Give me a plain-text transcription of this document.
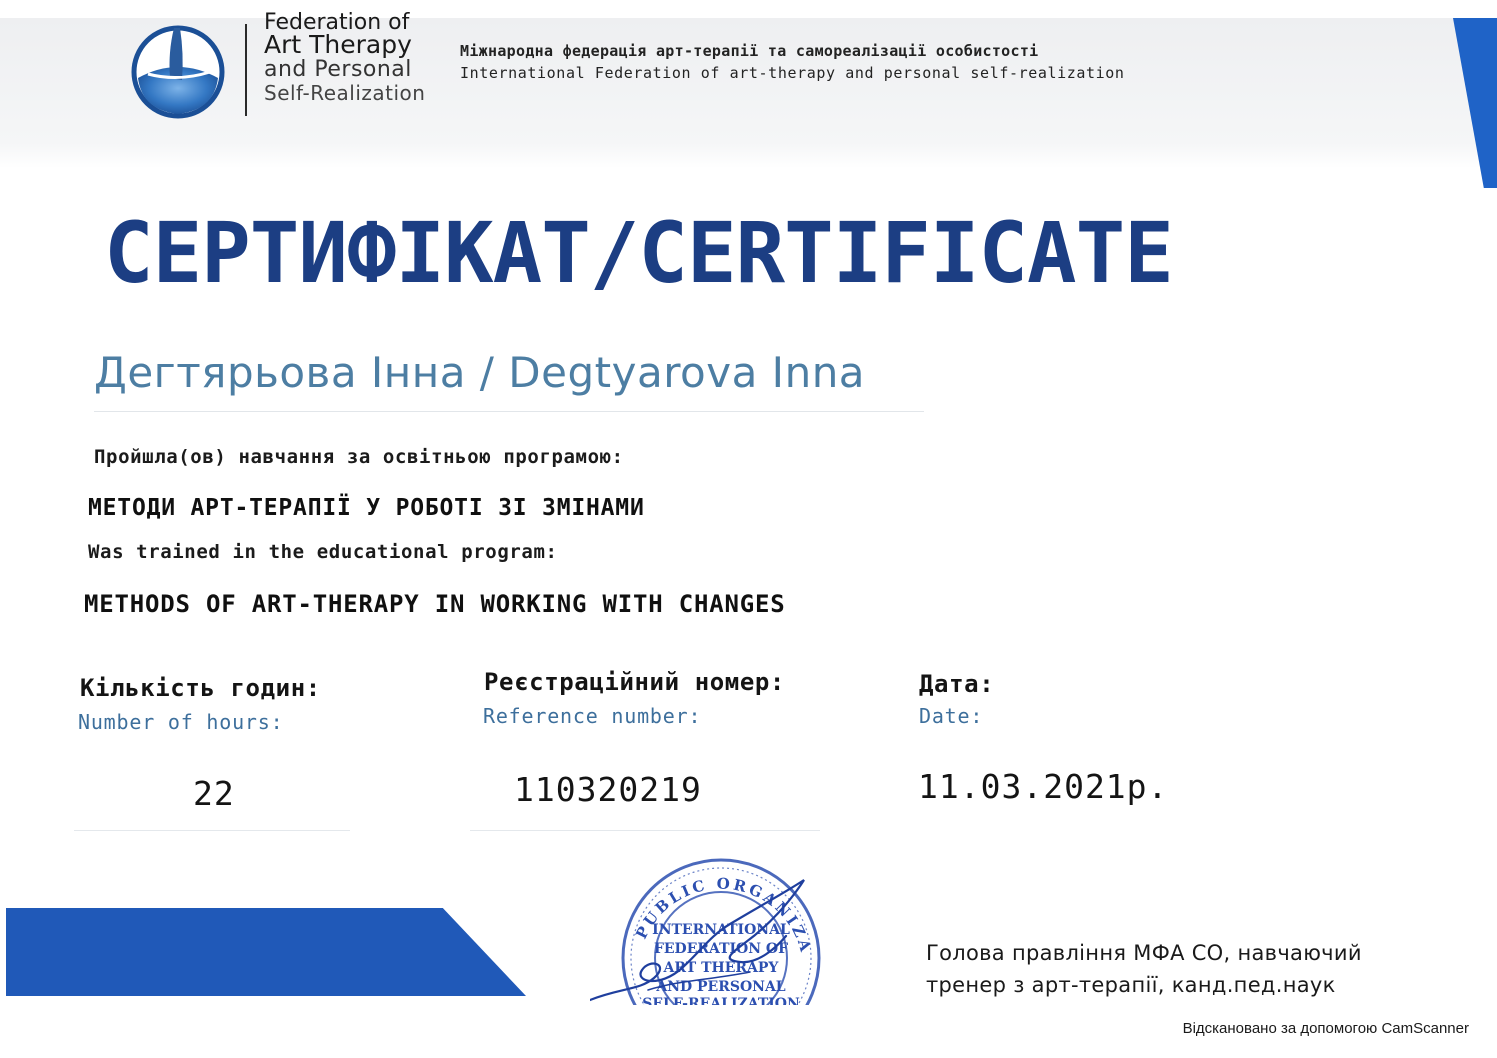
Federation of
Art Therapy
and Personal
Self-Realization
Міжнародна федерація арт-терапії та самореалізації особистості
International Federation of art-therapy and personal self-realization
СЕРТИФІКАТ/CERTIFICATE
Дегтярьова Інна / Degtyarova Inna
Пройшла(ов) навчання за освітньою програмою:
МЕТОДИ АРТ-ТЕРАПІЇ У РОБОТІ ЗІ ЗМІНАМИ
Was trained in the educational program:
METHODS OF ART-THERAPY IN WORKING WITH CHANGES
Кількість годин:
Number of hours:
22
Реєстраційний номер:
Reference number:
110320219
Дата:
Date:
11.03.2021р.
PUBLIC ORGANIZA
INTERNATIONAL
FEDERATION OF
ART THERAPY
AND PERSONAL
SELF-REALIZATION
Голова правління МФА СО, навчаючий
тренер з арт-терапії, канд.пед.наук
Відскановано за допомогою CamScanner
